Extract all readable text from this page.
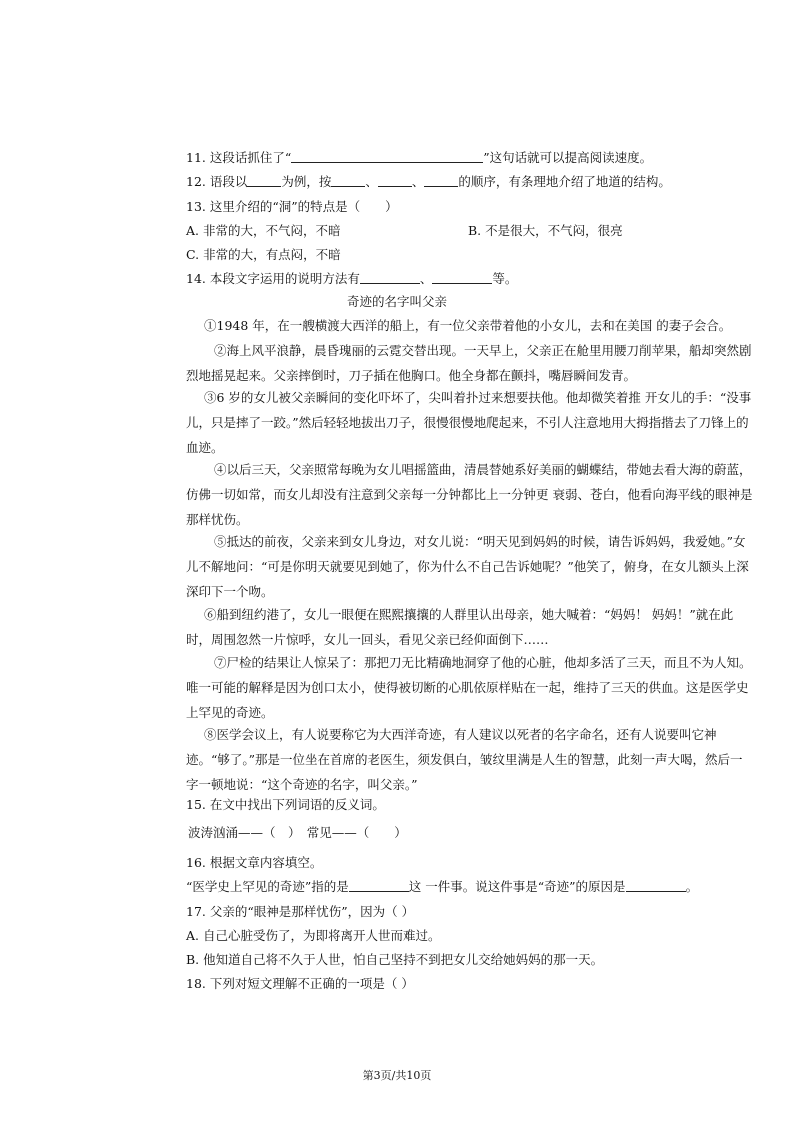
11. 这段话抓住了“	”这句话就可以提高阅读速度。
12. 语段以	为例，按	、	、	的顺序，有条理地介绍了地道的结构。
13. 这里介绍的“洞”的特点是（　　）
A. 非常的大，不气闷，不暗	B. 不是很大，不气闷，很亮
C. 非常的大，有点闷，不暗
14. 本段文字运用的说明方法有	、	等。
奇迹的名字叫父亲
①1948 年，在一艘横渡大西洋的船上，有一位父亲带着他的小女儿，去和在美国 的妻子会合。
②海上风平浪静，晨昏瑰丽的云霓交替出现。一天早上，父亲正在舱里用腰刀削苹果，船却突然剧烈地摇晃起来。父亲摔倒时，刀子插在他胸口。他全身都在颤抖，嘴唇瞬间发青。
③6 岁的女儿被父亲瞬间的变化吓坏了，尖叫着扑过来想要扶他。他却微笑着推 开女儿的手：“没事儿，只是摔了一跤。”然后轻轻地拔出刀子，很慢很慢地爬起来，不引人注意地用大拇指揩去了刀锋上的血迹。
④以后三天，父亲照常每晚为女儿唱摇篮曲，清晨替她系好美丽的蝴蝶结，带她去看大海的蔚蓝，仿佛一切如常，而女儿却没有注意到父亲每一分钟都比上一分钟更 衰弱、苍白，他看向海平线的眼神是那样忧伤。
⑤抵达的前夜，父亲来到女儿身边，对女儿说：“明天见到妈妈的时候，请告诉妈妈，我爱她。”女儿不解地问：“可是你明天就要见到她了，你为什么不自己告诉她呢？”他笑了，俯身，在女儿额头上深深印下一个吻。
⑥船到纽约港了，女儿一眼便在熙熙攘攘的人群里认出母亲，她大喊着：“妈妈！ 妈妈！”就在此时，周围忽然一片惊呼，女儿一回头，看见父亲已经仰面倒下……
⑦尸检的结果让人惊呆了：那把刀无比精确地洞穿了他的心脏，他却多活了三天，而且不为人知。唯一可能的解释是因为创口太小，使得被切断的心肌依原样贴在一起，维持了三天的供血。这是医学史上罕见的奇迹。
⑧医学会议上，有人说要称它为大西洋奇迹，有人建议以死者的名字命名，还有人说要叫它神迹。“够了。”那是一位坐在首席的老医生，须发俱白，皱纹里满是人生的智慧，此刻一声大喝，然后一字一顿地说：“这个奇迹的名字，叫父亲。”
15. 在文中找出下列词语的反义词。
波涛汹涌——（　）　常见——（　　）
16. 根据文章内容填空。
“医学史上罕见的奇迹”指的是	这 一件事。说这件事是“奇迹”的原因是	。
17. 父亲的“眼神是那样忧伤”，因为（ ）
A. 自己心脏受伤了，为即将离开人世而难过。
B. 他知道自己将不久于人世，怕自己坚持不到把女儿交给她妈妈的那一天。
18. 下列对短文理解不正确的一项是（ ）
第3页/共10页
